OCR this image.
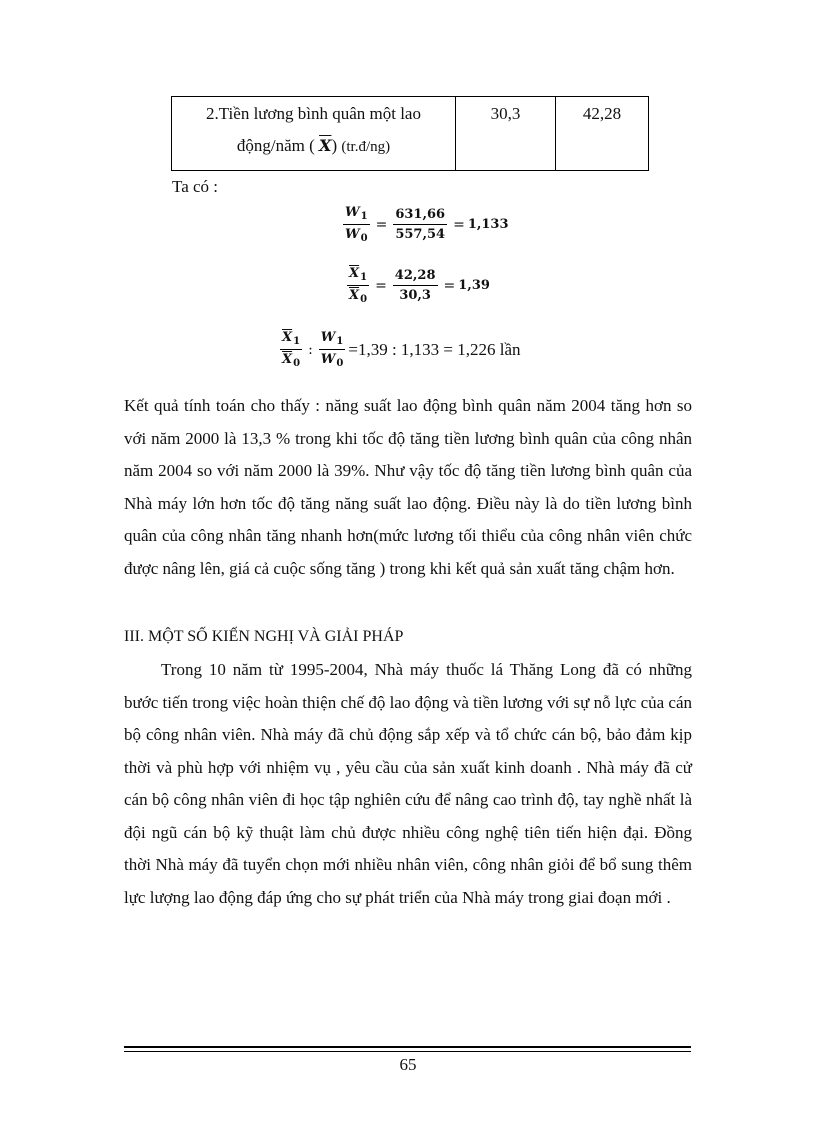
2.Tiền lương bình quân một lao
động/năm ( $\overline{X}$) (tr.đ/ng)

30,3	42,28
Ta có :
$\frac{W_1}{W_0} = \frac{631,66}{557,54} = 1,133$
$\frac{\overline{X}_1}{\overline{X}_0} = \frac{42,28}{30,3} = 1,39$
$\frac{\overline{X}_1}{\overline{X}_0}$ : $\frac{W_1}{W_0} =1,39$ : 1,133 = 1,226 lần

Kết quả tính toán cho thấy : năng suất lao động bình quân năm 2004 tăng hơn so với năm 2000 là 13,3 % trong khi tốc độ tăng tiền lương bình quân của công nhân năm 2004 so với năm 2000 là 39%. Như vậy tốc độ tăng tiền lương bình quân của Nhà máy lớn hơn tốc độ tăng năng suất lao động. Điều này là do tiền lương bình quân của công nhân tăng nhanh hơn(mức lương tối thiểu của công nhân viên chức được nâng lên, giá cả cuộc sống tăng ) trong khi kết quả sản xuất tăng chậm hơn.

III. MỘT SỐ KIẾN NGHỊ VÀ GIẢI PHÁP

Trong 10 năm từ 1995-2004, Nhà máy thuốc lá Thăng Long đã có những bước tiến trong việc hoàn thiện chế độ lao động và tiền lương với sự nỗ lực của cán bộ công nhân viên. Nhà máy đã chủ động sắp xếp và tổ chức cán bộ, bảo đảm kịp thời và phù hợp với nhiệm vụ , yêu cầu của sản xuất kinh doanh . Nhà máy đã cử cán bộ công nhân viên đi học tập nghiên cứu để nâng cao trình độ, tay nghề nhất là đội ngũ cán bộ kỹ thuật làm chủ được nhiều công nghệ tiên tiến hiện đại. Đồng thời Nhà máy đã tuyển chọn mới nhiều nhân viên, công nhân giỏi để bổ sung thêm lực lượng lao động đáp ứng cho sự phát triển của Nhà máy trong giai đoạn mới .

65
